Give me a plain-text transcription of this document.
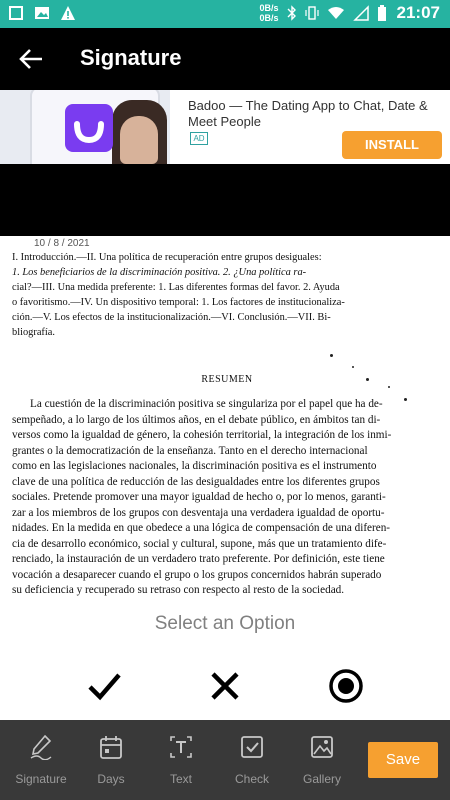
0B/s
0B/s	21:07
Signature
Badoo — The Dating App to Chat, Date & Meet People
AD	INSTALL
10 / 8 / 2021
I. Introducción.—II. Una política de recuperación entre grupos desiguales:
1. Los beneficiarios de la discriminación positiva. 2. ¿Una política ra-
cial?—III. Una medida preferente: 1. Las diferentes formas del favor. 2. Ayuda
o favoritismo.—IV. Un dispositivo temporal: 1. Los factores de institucionaliza-
ción.—V. Los efectos de la institucionalización.—VI. Conclusión.—VII. Bi-
bliografía.
RESUMEN
La cuestión de la discriminación positiva se singulariza por el papel que ha de-
sempeñado, a lo largo de los últimos años, en el debate público, en ámbitos tan di-
versos como la igualdad de género, la cohesión territorial, la integración de los inmi-
grantes o la democratización de la enseñanza. Tanto en el derecho internacional
como en las legislaciones nacionales, la discriminación positiva es el instrumento
clave de una política de reducción de las desigualdades entre los diferentes grupos
sociales. Pretende promover una mayor igualdad de hecho o, por lo menos, garanti-
zar a los miembros de los grupos con desventaja una verdadera igualdad de oportu-
nidades. En la medida en que obedece a una lógica de compensación de una diferen-
cia de desarrollo económico, social y cultural, supone, más que un tratamiento dife-
renciado, la instauración de un verdadero trato preferente. Por definición, este tiene
vocación a desaparecer cuando el grupo o los grupos concernidos habrán superado
su deficiencia y recuperado su retraso con respecto al resto de la sociedad.
Select an Option
Signature	Days	Text	Check	Gallery
Save
